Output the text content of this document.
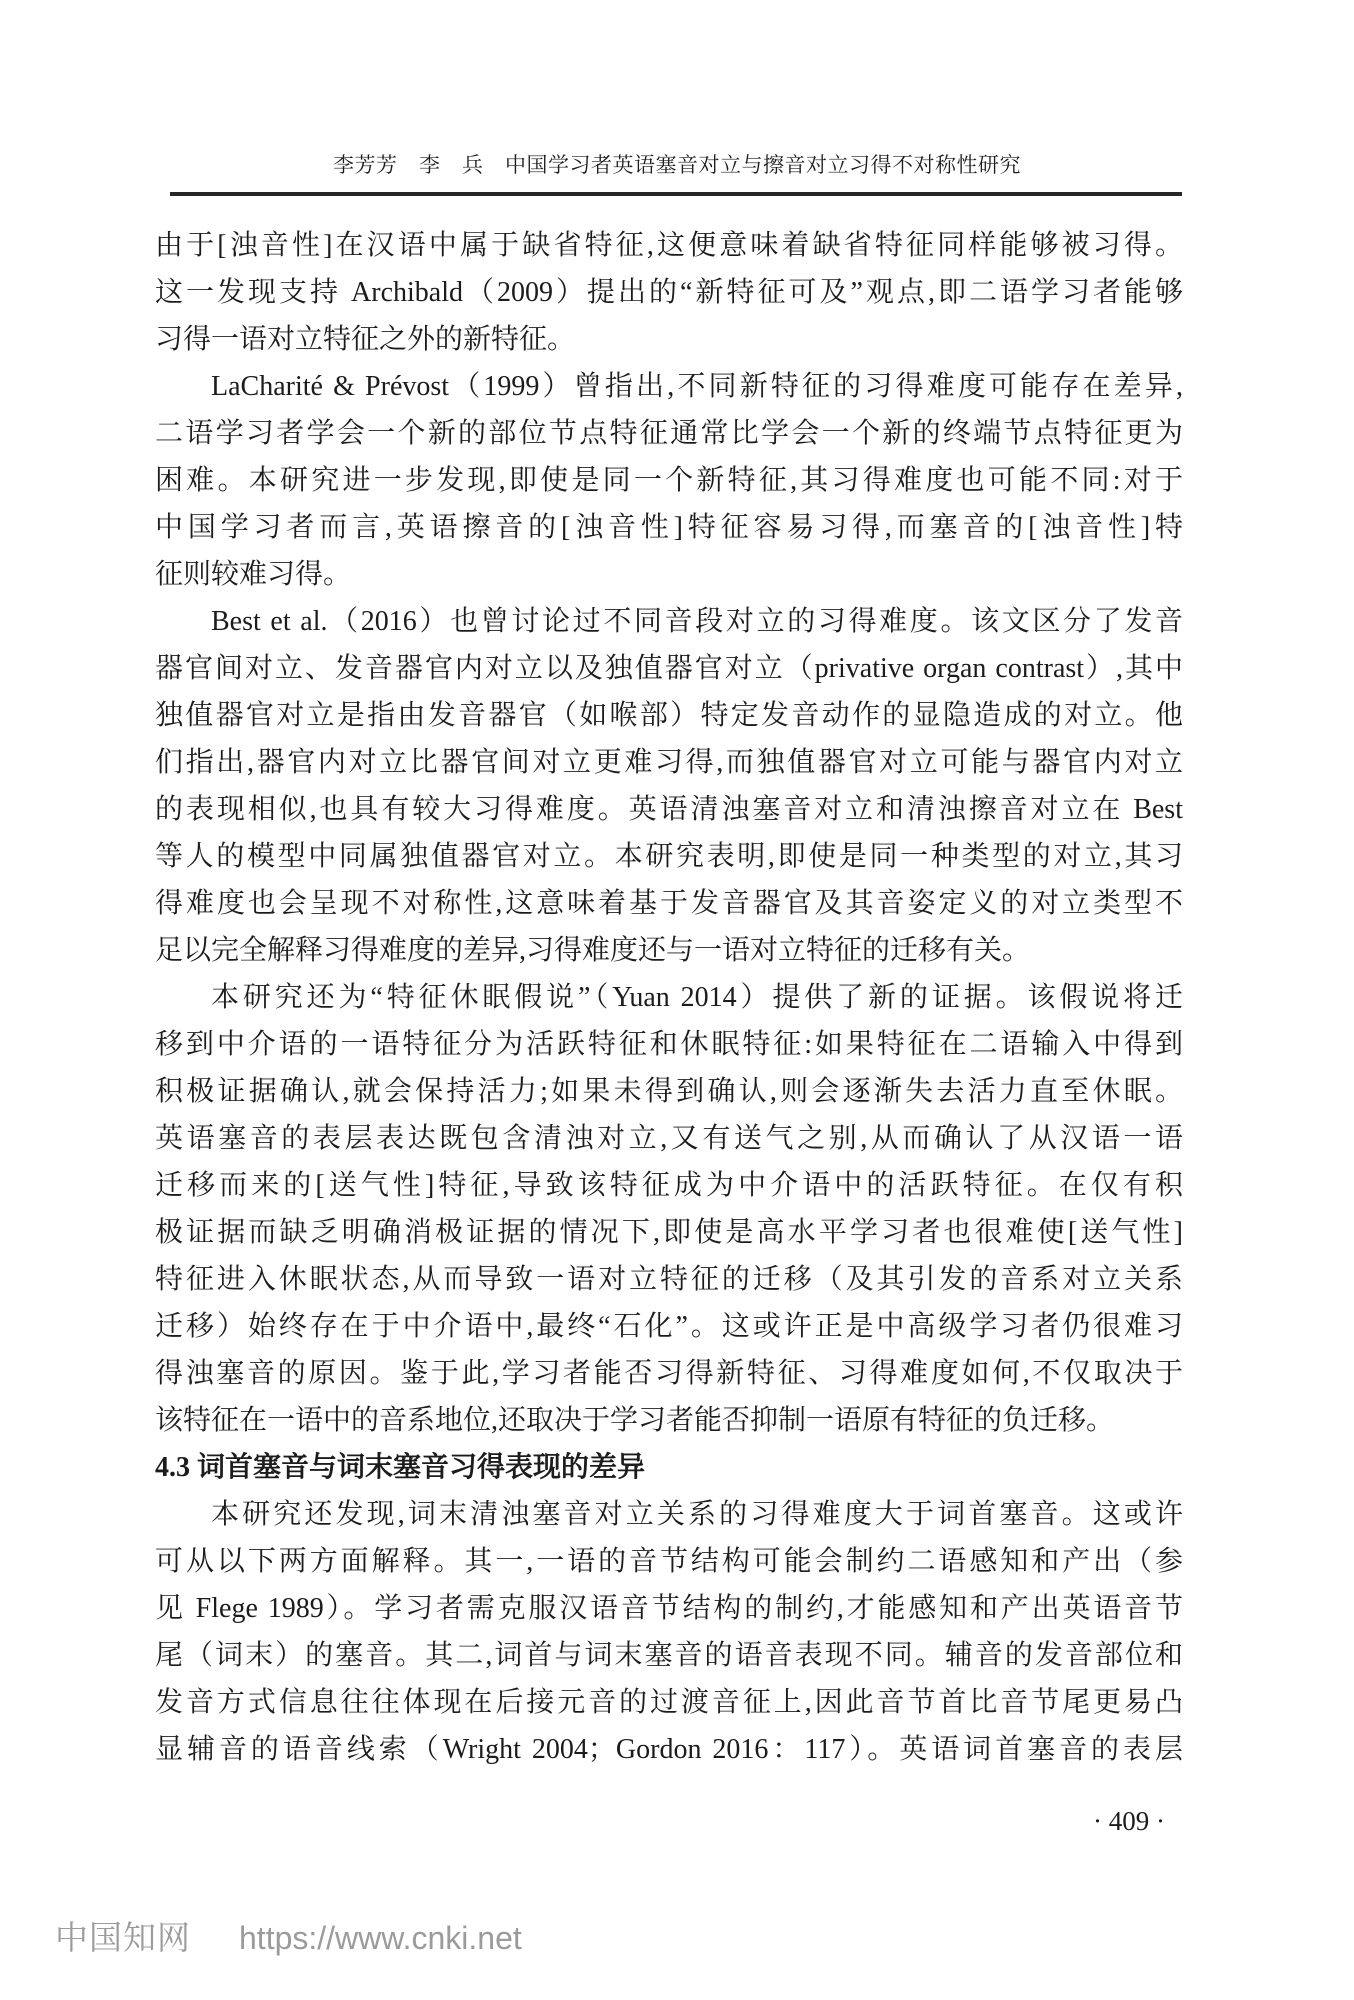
李芳芳　李　兵　中国学习者英语塞音对立与擦音对立习得不对称性研究
由于[浊音性]在汉语中属于缺省特征,这便意味着缺省特征同样能够被习得。
这一发现支持 Archibald（2009）提出的“新特征可及”观点,即二语学习者能够
习得一语对立特征之外的新特征。
LaCharité & Prévost（1999）曾指出,不同新特征的习得难度可能存在差异,
二语学习者学会一个新的部位节点特征通常比学会一个新的终端节点特征更为
困难。本研究进一步发现,即使是同一个新特征,其习得难度也可能不同:对于
中国学习者而言,英语擦音的[浊音性]特征容易习得,而塞音的[浊音性]特
征则较难习得。
Best et al.（2016）也曾讨论过不同音段对立的习得难度。该文区分了发音
器官间对立、发音器官内对立以及独值器官对立（privative organ contrast）,其中
独值器官对立是指由发音器官（如喉部）特定发音动作的显隐造成的对立。他
们指出,器官内对立比器官间对立更难习得,而独值器官对立可能与器官内对立
的表现相似,也具有较大习得难度。英语清浊塞音对立和清浊擦音对立在 Best
等人的模型中同属独值器官对立。本研究表明,即使是同一种类型的对立,其习
得难度也会呈现不对称性,这意味着基于发音器官及其音姿定义的对立类型不
足以完全解释习得难度的差异,习得难度还与一语对立特征的迁移有关。
本研究还为“特征休眠假说”（Yuan 2014）提供了新的证据。该假说将迁
移到中介语的一语特征分为活跃特征和休眠特征:如果特征在二语输入中得到
积极证据确认,就会保持活力;如果未得到确认,则会逐渐失去活力直至休眠。
英语塞音的表层表达既包含清浊对立,又有送气之别,从而确认了从汉语一语
迁移而来的[送气性]特征,导致该特征成为中介语中的活跃特征。在仅有积
极证据而缺乏明确消极证据的情况下,即使是高水平学习者也很难使[送气性]
特征进入休眠状态,从而导致一语对立特征的迁移（及其引发的音系对立关系
迁移）始终存在于中介语中,最终“石化”。这或许正是中高级学习者仍很难习
得浊塞音的原因。鉴于此,学习者能否习得新特征、习得难度如何,不仅取决于
该特征在一语中的音系地位,还取决于学习者能否抑制一语原有特征的负迁移。
4.3 词首塞音与词末塞音习得表现的差异
本研究还发现,词末清浊塞音对立关系的习得难度大于词首塞音。这或许
可从以下两方面解释。其一,一语的音节结构可能会制约二语感知和产出（参
见 Flege 1989）。学习者需克服汉语音节结构的制约,才能感知和产出英语音节
尾（词末）的塞音。其二,词首与词末塞音的语音表现不同。辅音的发音部位和
发音方式信息往往体现在后接元音的过渡音征上,因此音节首比音节尾更易凸
显辅音的语音线索（Wright 2004；Gordon 2016：117）。英语词首塞音的表层
· 409 ·
中国知网 https://www.cnki.net
